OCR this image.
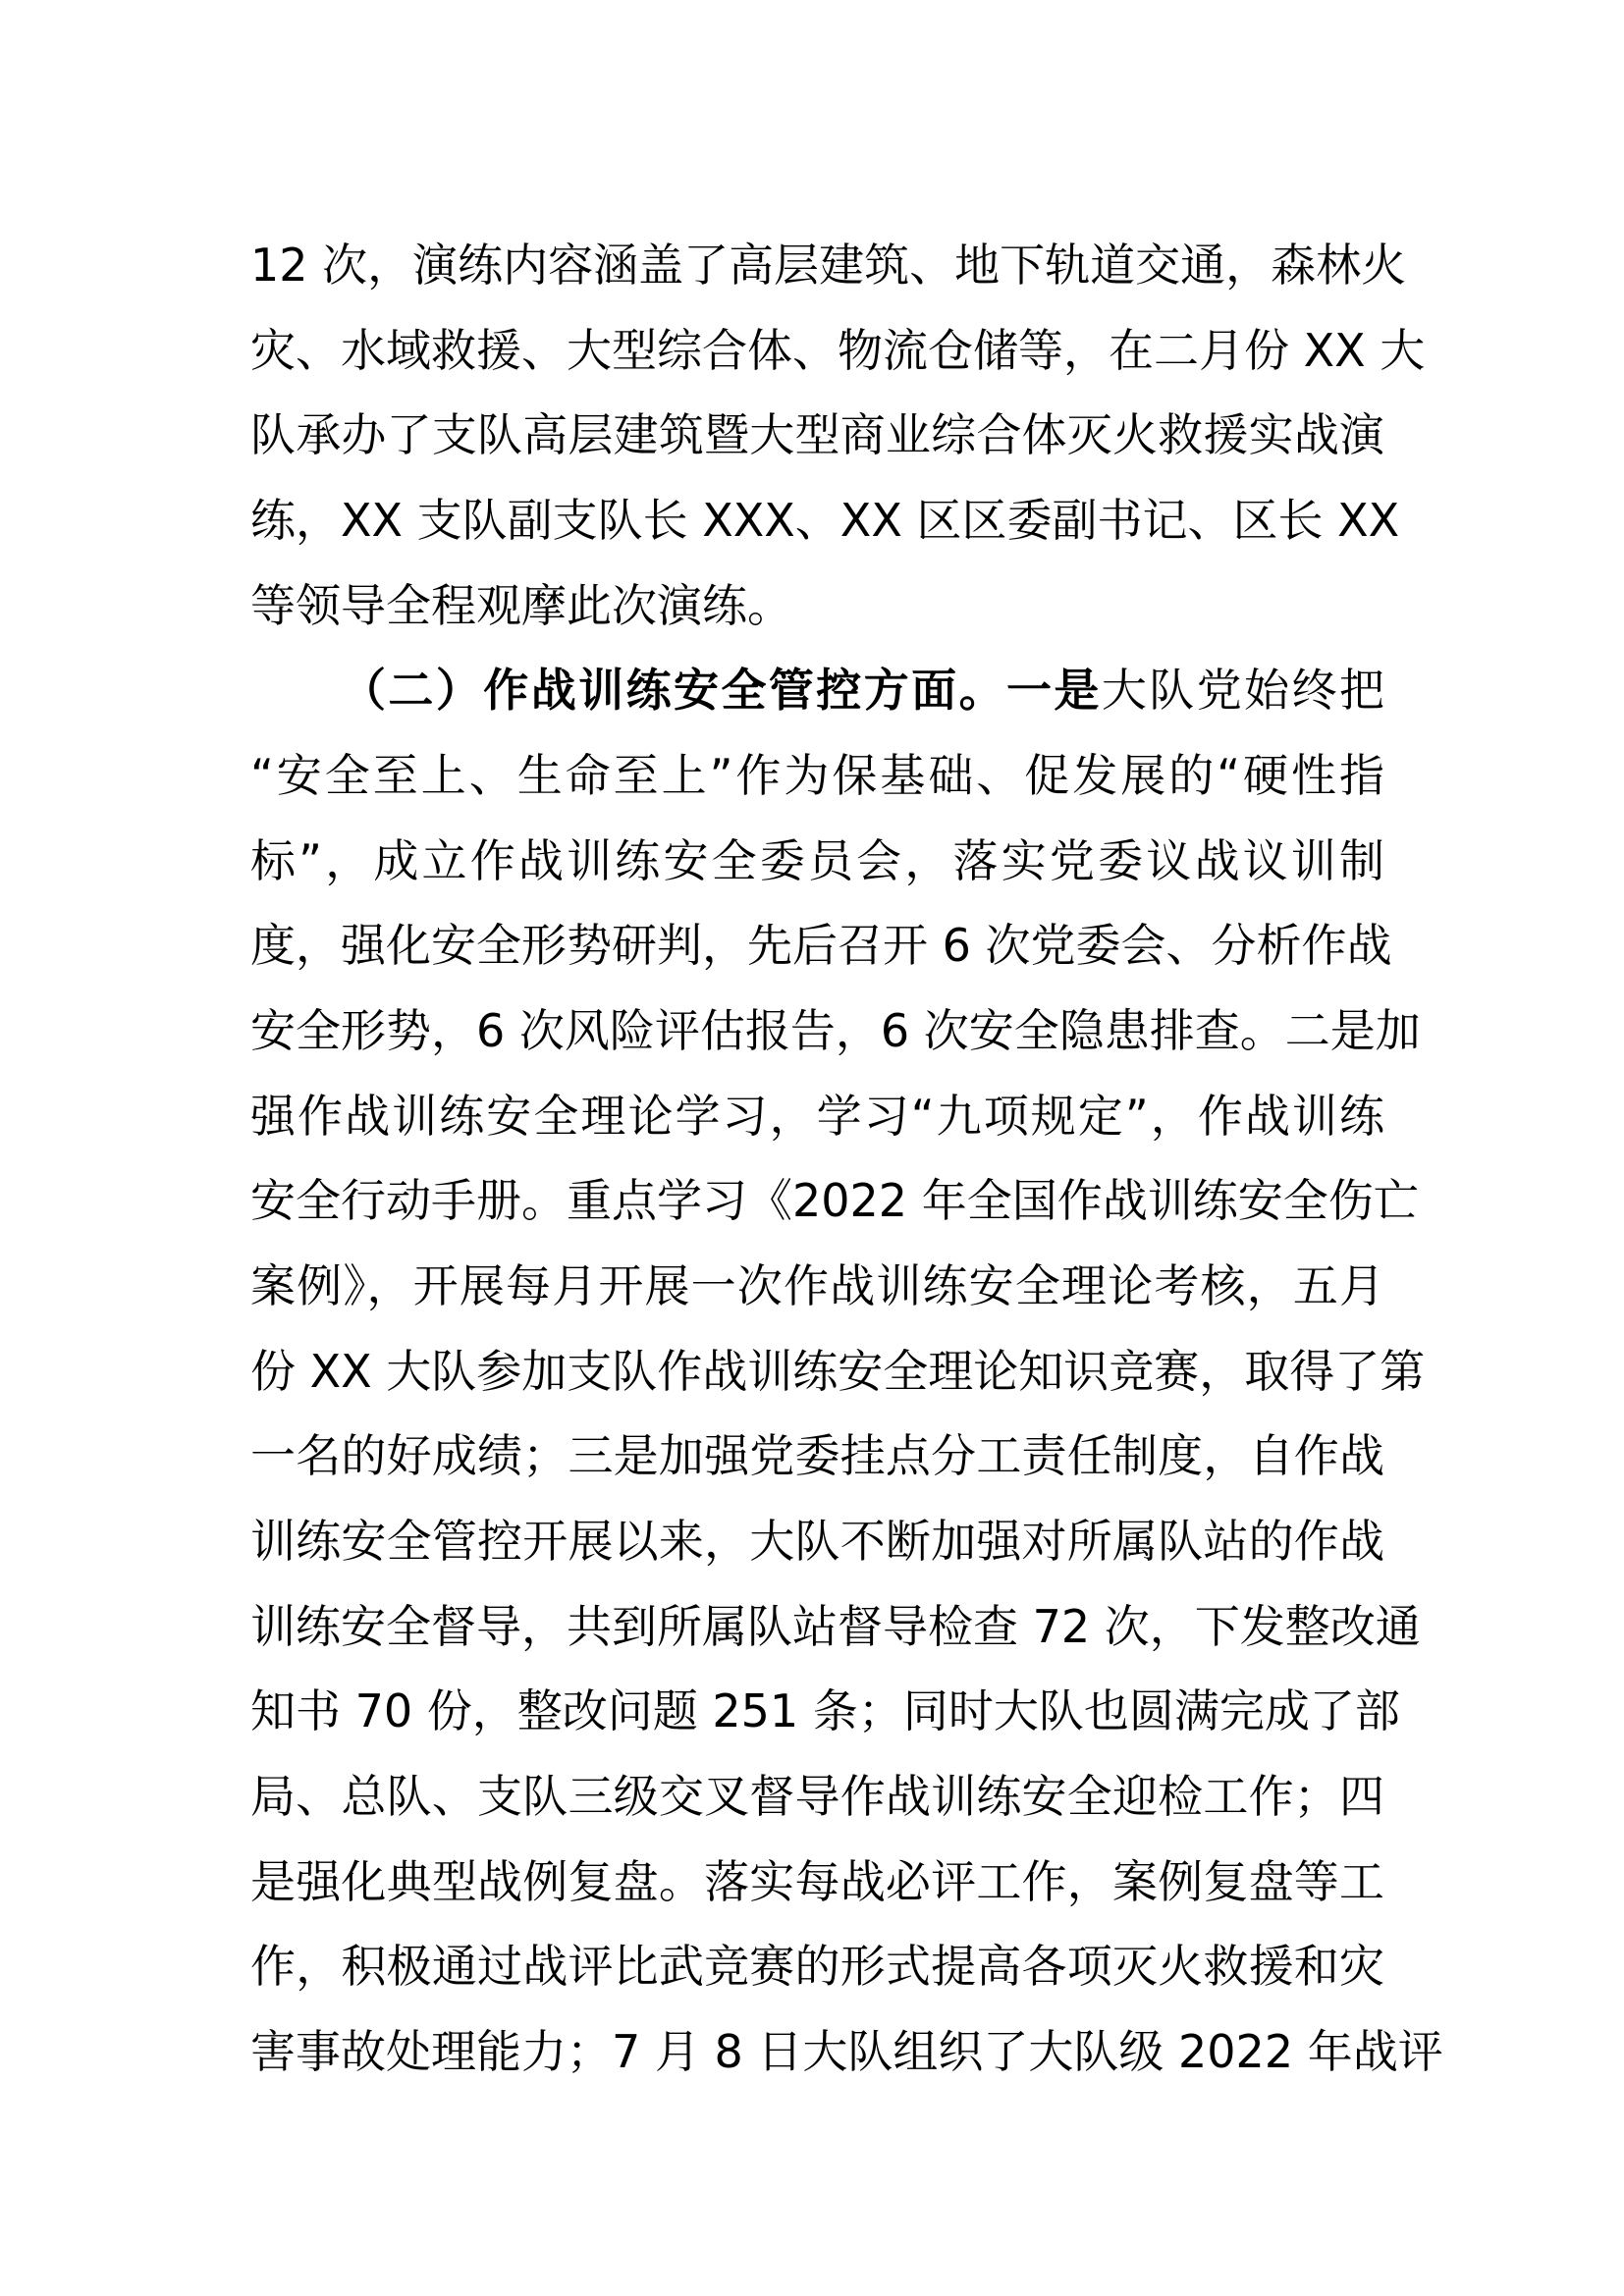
12 次，演练内容涵盖了高层建筑、地下轨道交通，森林火
灾、水域救援、大型综合体、物流仓储等，在二月份 XX 大
队承办了支队高层建筑暨大型商业综合体灭火救援实战演
练，XX 支队副支队长 XXX、XX 区区委副书记、区长 XX
等领导全程观摩此次演练。
（二）作战训练安全管控方面。一是大队党始终把
“安全至上、生命至上”作为保基础、促发展的“硬性指
标”，成立作战训练安全委员会，落实党委议战议训制
度，强化安全形势研判，先后召开 6 次党委会、分析作战
安全形势，6 次风险评估报告，6 次安全隐患排查。二是加
强作战训练安全理论学习，学习“九项规定”，作战训练
安全行动手册。重点学习《2022 年全国作战训练安全伤亡
案例》，开展每月开展一次作战训练安全理论考核，五月
份 XX 大队参加支队作战训练安全理论知识竞赛，取得了第
一名的好成绩；三是加强党委挂点分工责任制度，自作战
训练安全管控开展以来，大队不断加强对所属队站的作战
训练安全督导，共到所属队站督导检查 72 次，下发整改通
知书 70 份，整改问题 251 条；同时大队也圆满完成了部
局、总队、支队三级交叉督导作战训练安全迎检工作；四
是强化典型战例复盘。落实每战必评工作，案例复盘等工
作，积极通过战评比武竞赛的形式提高各项灭火救援和灾
害事故处理能力；7 月 8 日大队组织了大队级 2022 年战评
